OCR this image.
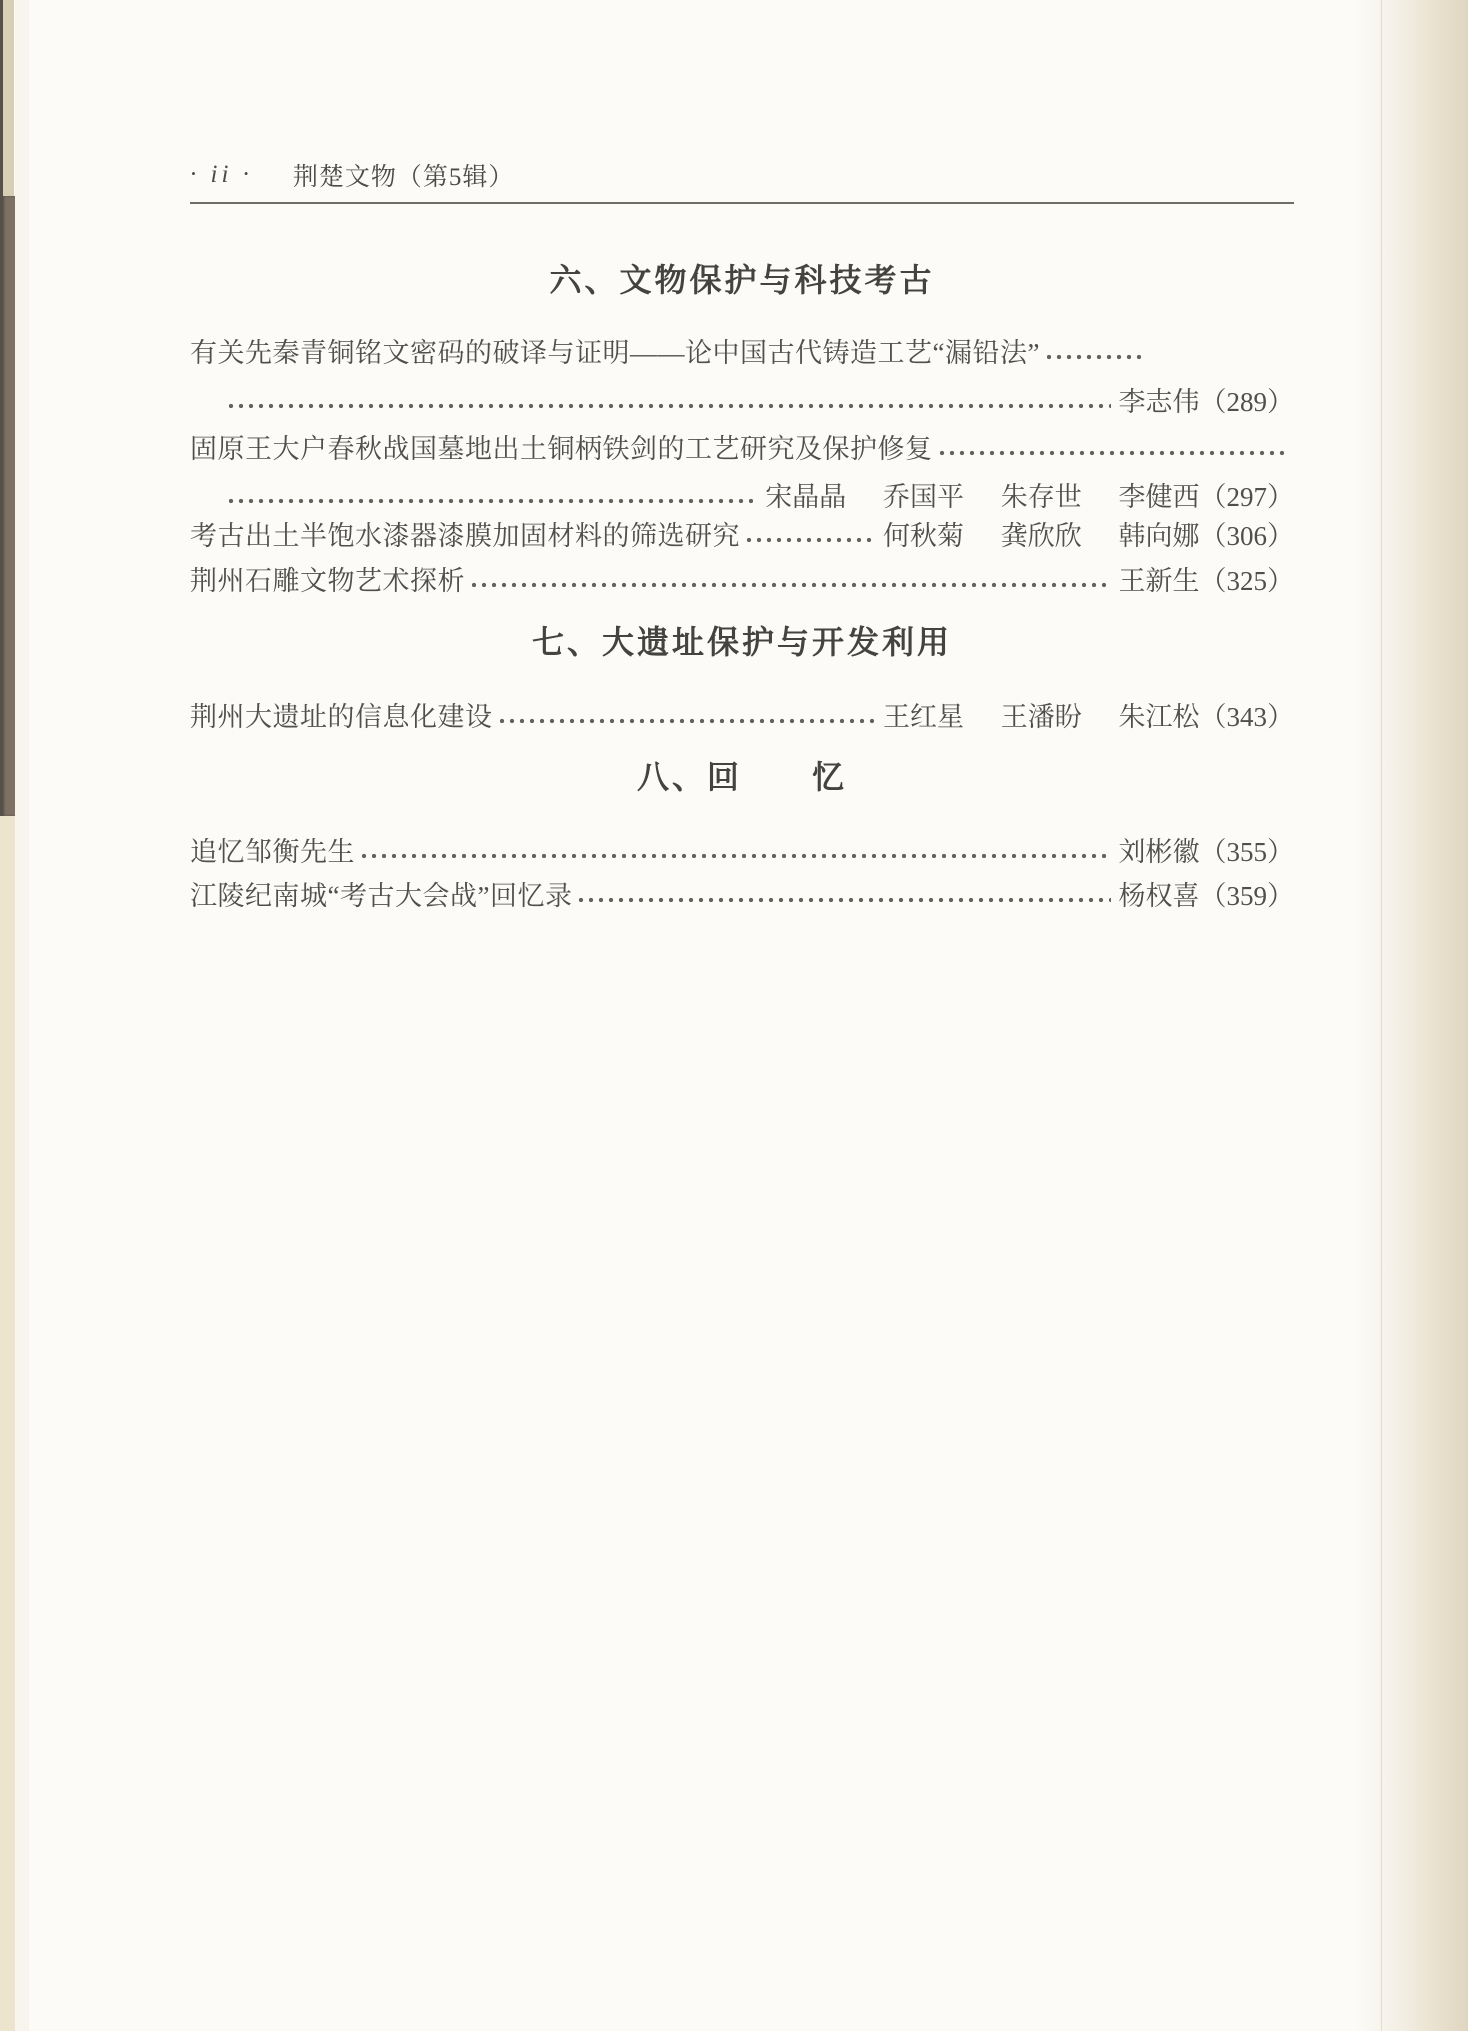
· ii · 荆楚文物（第5辑）
六、文物保护与科技考古
有关先秦青铜铭文密码的破译与证明——论中国古代铸造工艺“漏铅法”
李志伟 （289）
固原王大户春秋战国墓地出土铜柄铁剑的工艺研究及保护修复
宋晶晶 乔国平 朱存世 李健西 （297）
考古出土半饱水漆器漆膜加固材料的筛选研究	何秋菊 龚欣欣 韩向娜 （306）
荆州石雕文物艺术探析	王新生 （325）
七、大遗址保护与开发利用
荆州大遗址的信息化建设	王红星 王潘盼 朱江松 （343）
八、回　　忆
追忆邹衡先生	刘彬徽 （355）
江陵纪南城“考古大会战”回忆录	杨权喜 （359）
